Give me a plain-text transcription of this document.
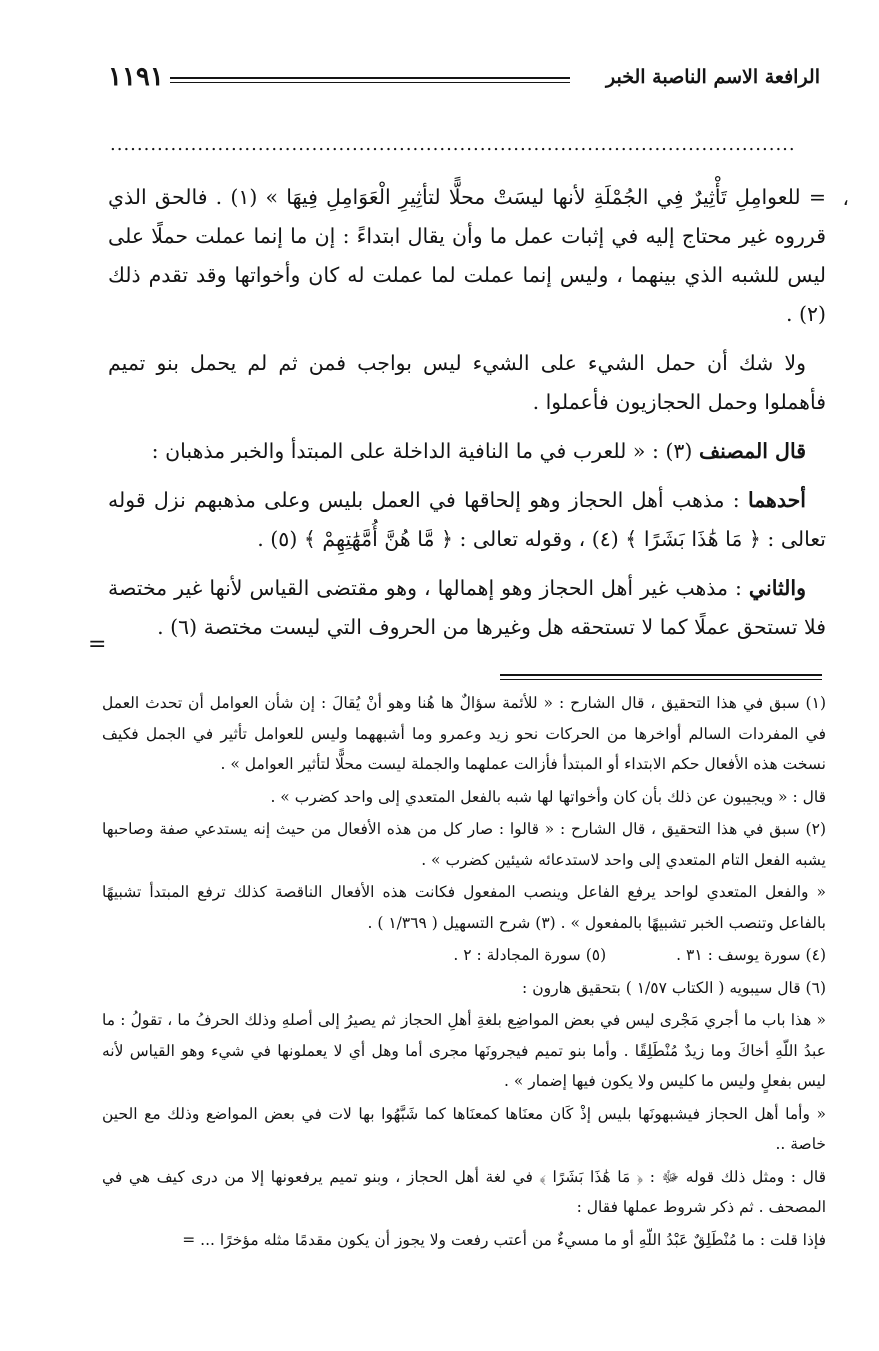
الرافعة الاسم الناصبة الخبر
١١٩١
......................................................................................................
،

= للعوامِلِ تَأْثِيرٌ فِي الجُمْلَةِ لأنها ليسَتْ محلًّا لتأثِيرِ الْعَوَامِلِ فِيهَا » (١) . فالحق الذي قرروه غير محتاج إليه في إثبات عمل ما وأن يقال ابتداءً : إن ما إنما عملت حملًا على ليس للشبه الذي بينهما ، وليس إنما عملت لما عملت له كان وأخواتها وقد تقدم ذلك (٢) .

ولا شك أن حمل الشيء على الشيء ليس بواجب فمن ثم لم يحمل بنو تميم فأهملوا وحمل الحجازيون فأعملوا .

قال المصنف (٣) : « للعرب في ما النافية الداخلة على المبتدأ والخبر مذهبان :

أحدهما : مذهب أهل الحجاز وهو إلحاقها في العمل بليس وعلى مذهبهم نزل قوله تعالى : ﴿ مَا هَٰذَا بَشَرًا ﴾ (٤) ، وقوله تعالى : ﴿ مَّا هُنَّ أُمَّهَٰتِهِمْ ﴾ (٥) .

والثاني : مذهب غير أهل الحجاز وهو إهمالها ، وهو مقتضى القياس لأنها غير مختصة فلا تستحق عملًا كما لا تستحقه هل وغيرها من الحروف التي ليست مختصة (٦) .

=

(١) سبق في هذا التحقيق ، قال الشارح : « للأئمة سؤالٌ ها هُنا وهو أنْ يُقالَ : إن شأن العوامل أن تحدث العمل في المفردات السالم أواخرها من الحركات نحو زيد وعمرو وما أشبههما وليس للعوامل تأثير في الجمل فكيف نسخت هذه الأفعال حكم الابتداء أو المبتدأ فأزالت عملهما والجملة ليست محلًّا لتأثير العوامل » .

قال : « ويجيبون عن ذلك بأن كان وأخواتها لها شبه بالفعل المتعدي إلى واحد كضرب » .

(٢) سبق في هذا التحقيق ، قال الشارح : « قالوا : صار كل من هذه الأفعال من حيث إنه يستدعي صفة وصاحبها يشبه الفعل التام المتعدي إلى واحد لاستدعائه شيئين كضرب » .

« والفعل المتعدي لواحد يرفع الفاعل وينصب المفعول فكانت هذه الأفعال الناقصة كذلك ترفع المبتدأ تشبيهًا بالفاعل وتنصب الخبر تشبيهًا بالمفعول » . (٣) شرح التسهيل ( ١/٣٦٩ ) .

(٤) سورة يوسف : ٣١ .
(٥) سورة المجادلة : ٢ .

(٦) قال سيبويه ( الكتاب ١/٥٧ ) بتحقيق هارون :

« هذا باب ما أجري مَجْرى ليس في بعض المواضِع بلغةِ أهلِ الحجاز ثم يصيرُ إلى أصلهِ وذلك الحرفُ ما ، تقولُ : ما عبدُ اللّهِ أخاكَ وما زيدٌ مُنْطَلِقًا . وأما بنو تميم فيجرونَها مجرى أما وهل أي لا يعملونها في شيء وهو القياس لأنه ليس بفعلٍ وليس ما كليس ولا يكون فيها إضمار » .

« وأما أهل الحجاز فيشبهونَها بليس إذْ كَان معنَاها كمعنَاها كما شَبَّهُوا بها لات في بعض المواضع وذلك مع الحين خاصة ..

قال : ومثل ذلك قوله ﷻ : ﴿ مَا هَٰذَا بَشَرًا ﴾ في لغة أهل الحجاز ، وبنو تميم يرفعونها إلا من درى كيف هي في المصحف . ثم ذكر شروط عملها فقال :

فإذا قلت : ما مُنْطَلِقٌ عَبْدُ اللّهِ أو ما مسيءٌ من أعتب رفعت ولا يجوز أن يكون مقدمًا مثله مؤخرًا ... =
